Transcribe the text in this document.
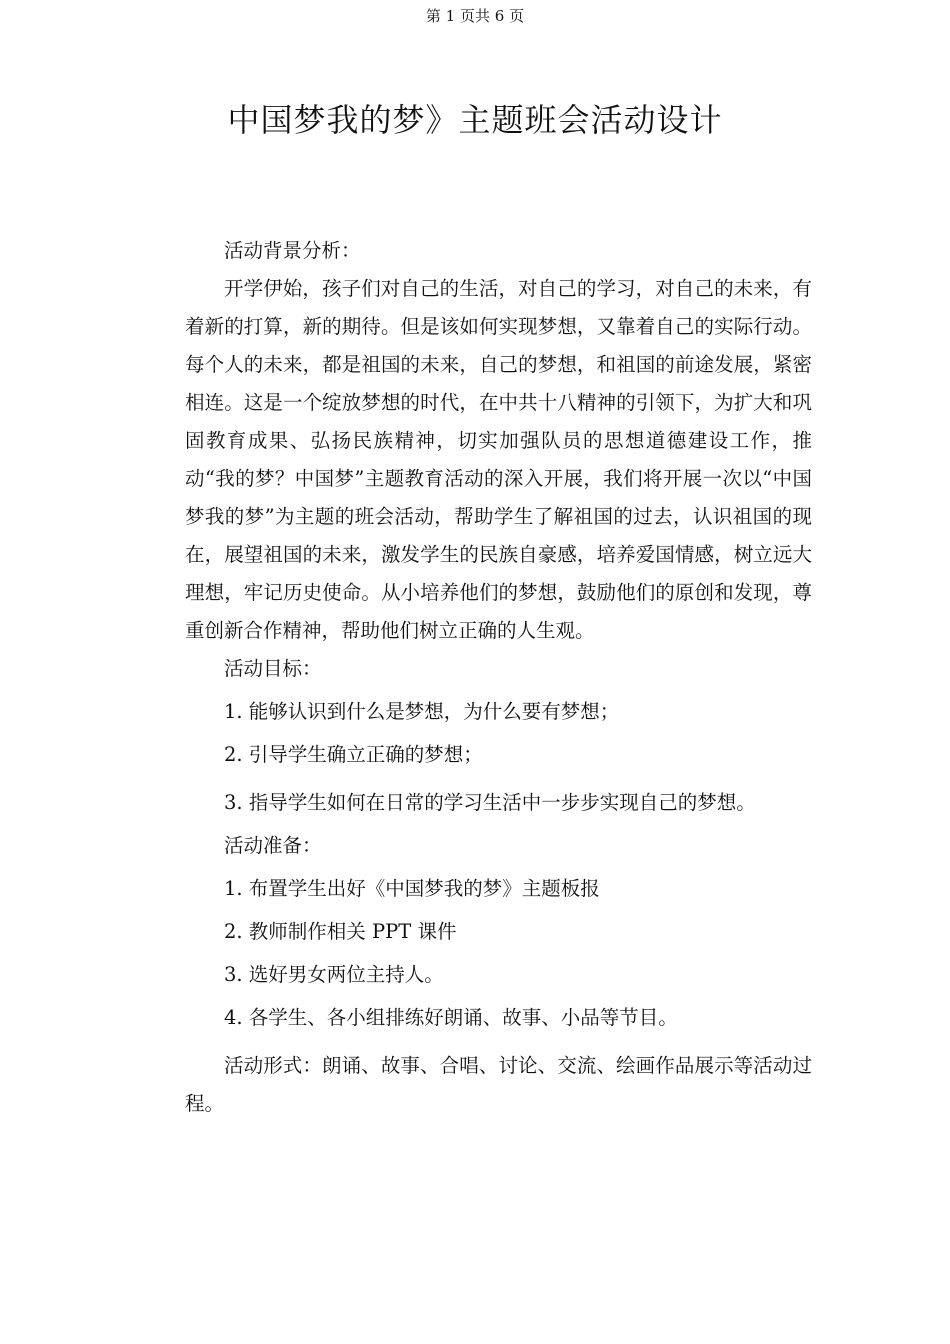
第 1 页共 6 页
中国梦我的梦》主题班会活动设计

活动背景分析：

开学伊始，孩子们对自己的生活，对自己的学习，对自己的未来，有着新的打算，新的期待。但是该如何实现梦想，又靠着自己的实际行动。每个人的未来，都是祖国的未来，自己的梦想，和祖国的前途发展，紧密相连。这是一个绽放梦想的时代，在中共十八精神的引领下，为扩大和巩固教育成果、弘扬民族精神，切实加强队员的思想道德建设工作，推动“我的梦？中国梦”主题教育活动的深入开展，我们将开展一次以“中国梦我的梦”为主题的班会活动，帮助学生了解祖国的过去，认识祖国的现在，展望祖国的未来，激发学生的民族自豪感，培养爱国情感，树立远大理想，牢记历史使命。从小培养他们的梦想，鼓励他们的原创和发现，尊重创新合作精神，帮助他们树立正确的人生观。

活动目标：

1. 能够认识到什么是梦想，为什么要有梦想；

2. 引导学生确立正确的梦想；

3. 指导学生如何在日常的学习生活中一步步实现自己的梦想。

活动准备：

1. 布置学生出好《中国梦我的梦》主题板报

2. 教师制作相关 PPT 课件

3. 选好男女两位主持人。

4. 各学生、各小组排练好朗诵、故事、小品等节目。

活动形式：朗诵、故事、合唱、讨论、交流、绘画作品展示等活动过程。
